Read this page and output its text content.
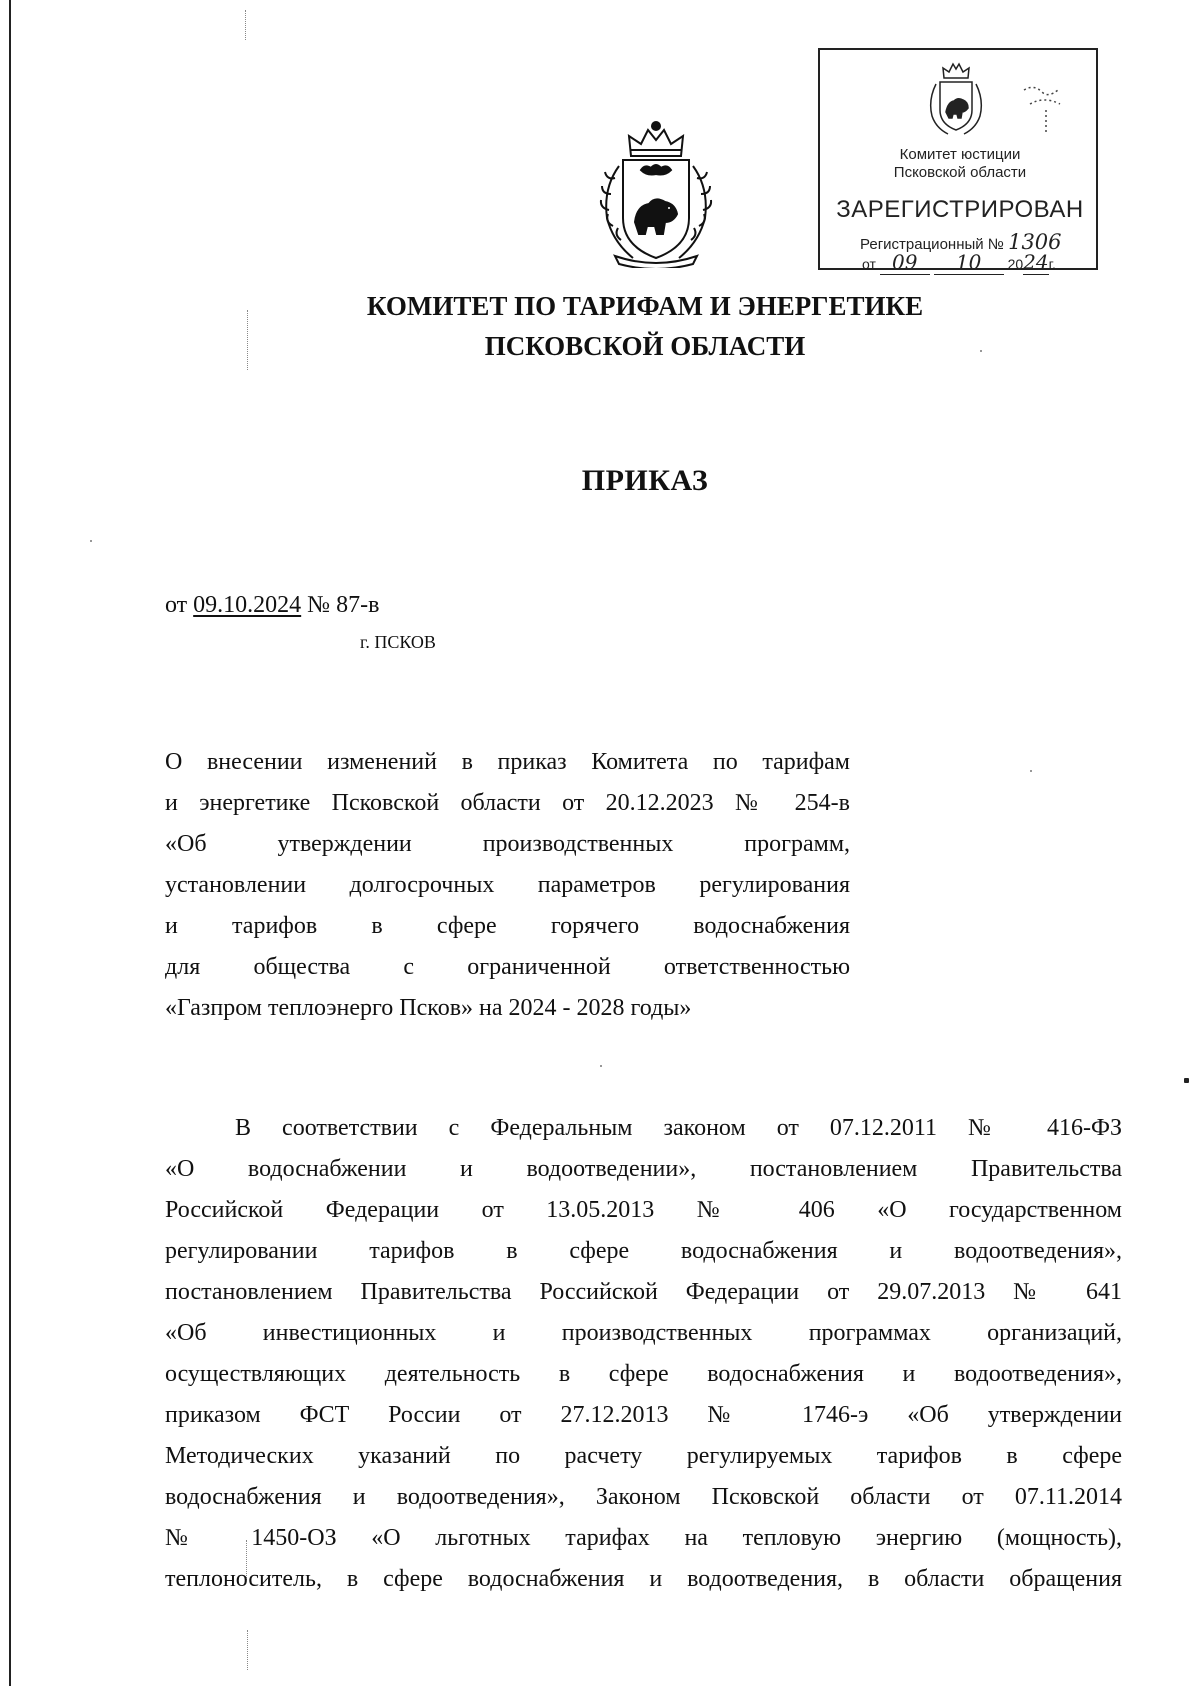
Комитет юстиции
Псковской области
ЗАРЕГИСТРИРОВАН
Регистрационный № 1306
от 09 10 2024г.
КОМИТЕТ ПО ТАРИФАМ И ЭНЕРГЕТИКЕ
ПСКОВСКОЙ ОБЛАСТИ
ПРИКАЗ
от 09.10.2024 № 87-в
г. ПСКОВ
О внесении изменений в приказ Комитета по тарифам
и энергетике Псковской области от 20.12.2023 № 254-в
«Об утверждении производственных программ,
установлении долгосрочных параметров регулирования
и тарифов в сфере горячего водоснабжения
для общества с ограниченной ответственностью
«Газпром теплоэнерго Псков» на 2024 - 2028 годы»
В соответствии с Федеральным законом от 07.12.2011 № 416-ФЗ
«О водоснабжении и водоотведении», постановлением Правительства
Российской Федерации от 13.05.2013 № 406 «О государственном
регулировании тарифов в сфере водоснабжения и водоотведения»,
постановлением Правительства Российской Федерации от 29.07.2013 № 641
«Об инвестиционных и производственных программах организаций,
осуществляющих деятельность в сфере водоснабжения и водоотведения»,
приказом ФСТ России от 27.12.2013 № 1746-э «Об утверждении
Методических указаний по расчету регулируемых тарифов в сфере
водоснабжения и водоотведения», Законом Псковской области от 07.11.2014
№ 1450-ОЗ «О льготных тарифах на тепловую энергию (мощность),
теплоноситель, в сфере водоснабжения и водоотведения, в области обращения
